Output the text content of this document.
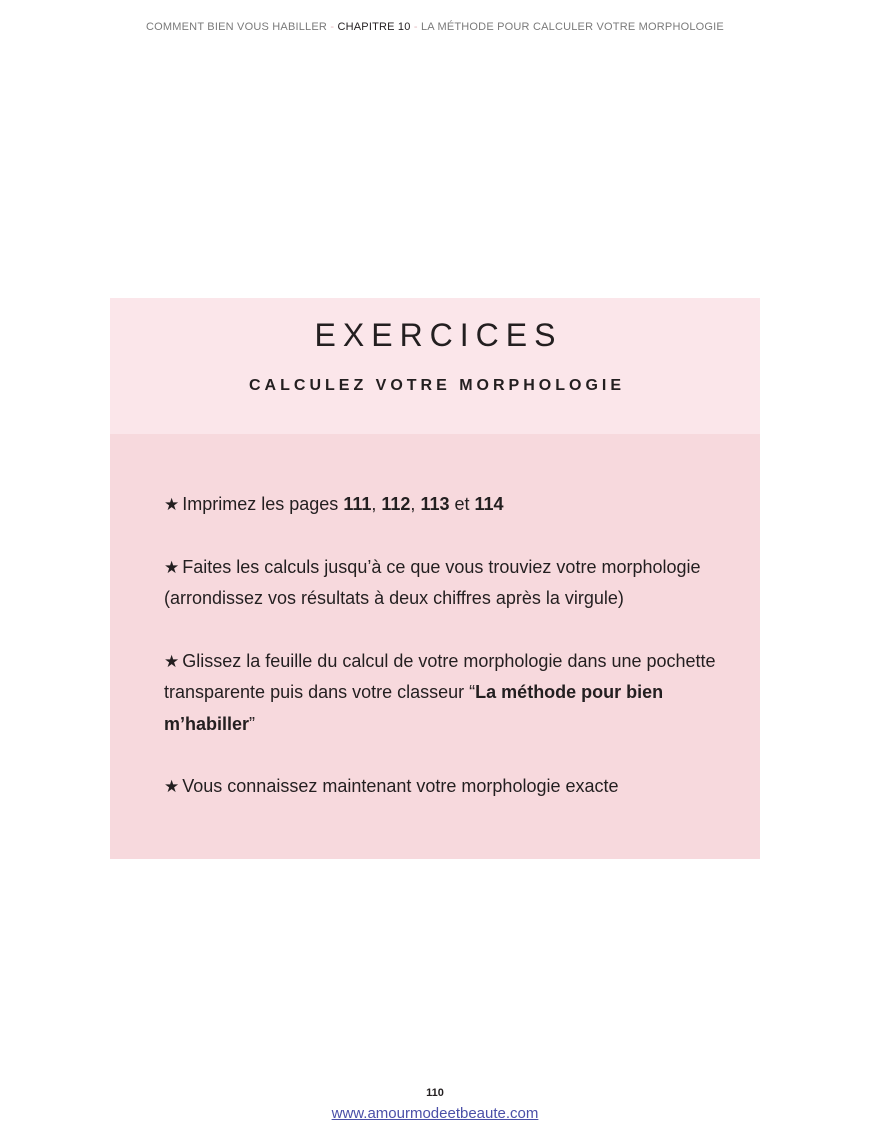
COMMENT BIEN VOUS HABILLER - CHAPITRE 10 - LA MÉTHODE POUR CALCULER VOTRE MORPHOLOGIE
EXERCICES
CALCULEZ VOTRE MORPHOLOGIE
★ Imprimez les pages 111, 112, 113 et 114
★ Faites les calculs jusqu’à ce que vous trouviez votre morphologie (arrondissez vos résultats à deux chiffres après la virgule)
★ Glissez la feuille du calcul de votre morphologie dans une pochette transparente puis dans votre classeur “La méthode pour bien m’habiller”
★ Vous connaissez maintenant votre morphologie exacte
110
www.amourmodeetbeaute.com
